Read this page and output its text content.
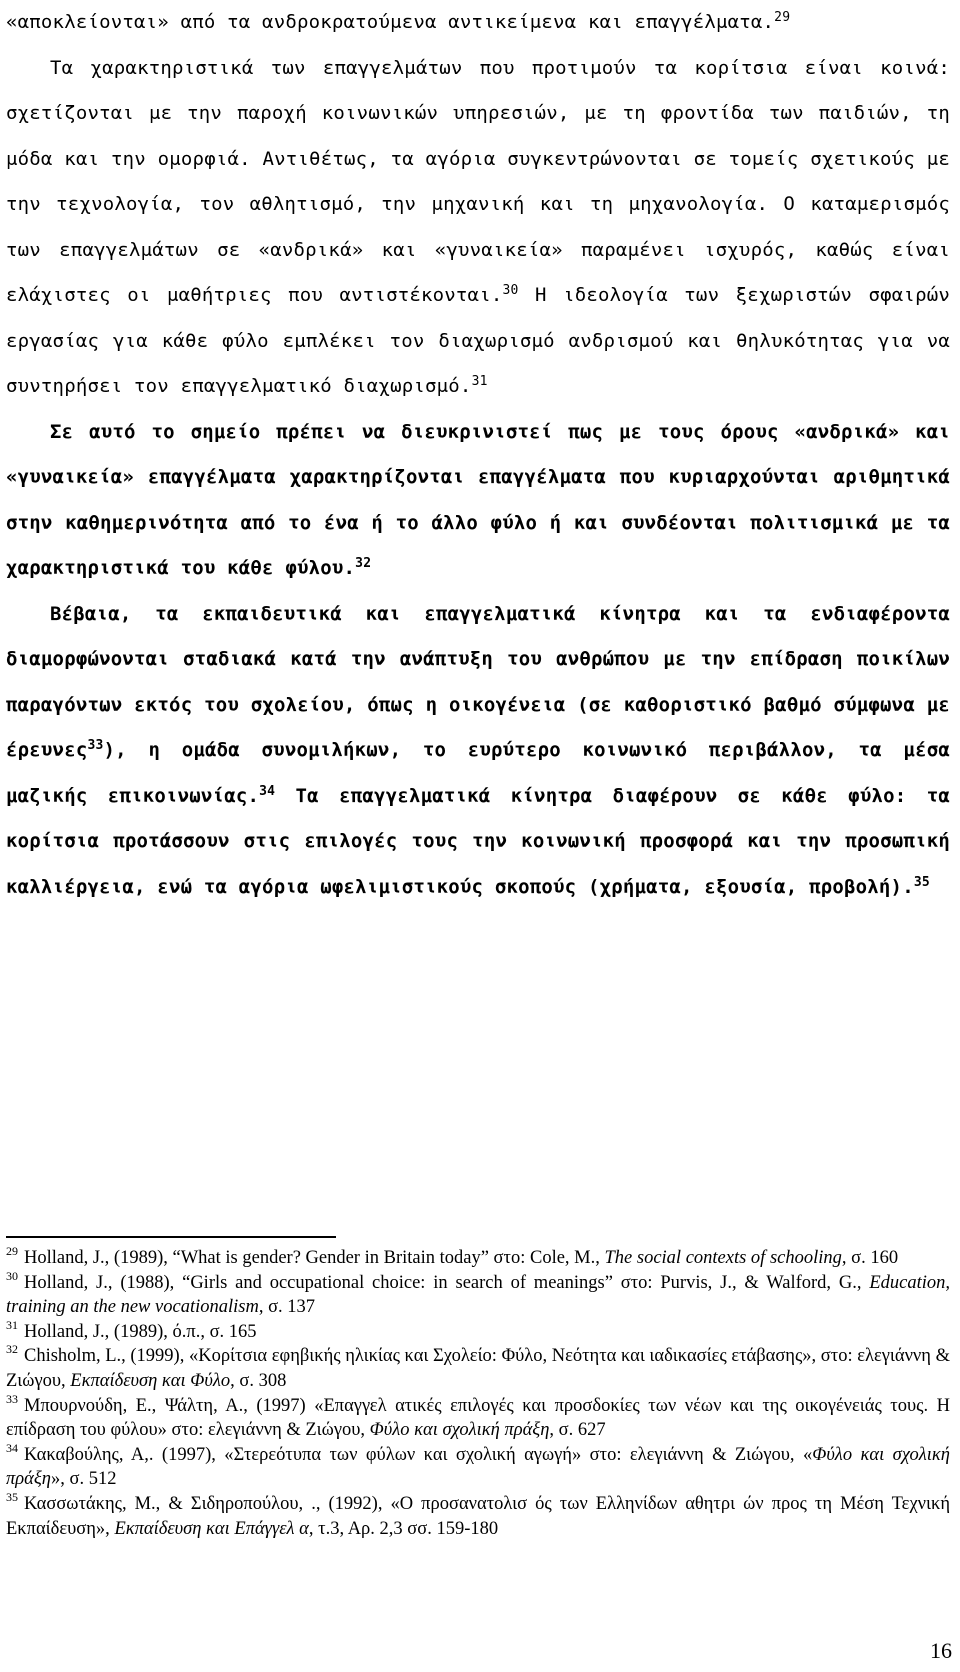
«αποκλείονται» από τα ανδροκρατούμενα αντικείμενα και επαγγέλματα.$^{29}$

Τα χαρακτηριστικά των επαγγελμάτων που προτιμούν τα κορίτσια είναι κοινά: σχετίζονται με την παροχή κοινωνικών υπηρεσιών, με τη φροντίδα των παιδιών, τη μόδα και την ομορφιά. Αντιθέτως, τα αγόρια συγκεντρώνονται σε τομείς σχετικούς με την τεχνολογία, τον αθλητισμό, την μηχανική και τη μηχανολογία. Ο καταμερισμός των επαγγελμάτων σε «ανδρικά» και «γυναικεία» παραμένει ισχυρός, καθώς είναι ελάχιστες οι μαθήτριες που αντιστέκονται.$^{30}$ Η ιδεολογία των ξεχωριστών σφαιρών εργασίας για κάθε φύλο εμπλέκει τον διαχωρισμό ανδρισμού και θηλυκότητας για να συντηρήσει τον επαγγελματικό διαχωρισμό.$^{31}$

Σε αυτό το σημείο πρέπει να διευκρινιστεί πως με τους όρους «ανδρικά» και «γυναικεία» επαγγέλματα χαρακτηρίζονται επαγγέλματα που κυριαρχούνται αριθμητικά στην καθημερινότητα από το ένα ή το άλλο φύλο ή και συνδέονται πολιτισμικά με τα χαρακτηριστικά του κάθε φύλου.$^{32}$

Βέβαια, τα εκπαιδευτικά και επαγγελματικά κίνητρα και τα ενδιαφέροντα διαμορφώνονται σταδιακά κατά την ανάπτυξη του ανθρώπου με την επίδραση ποικίλων παραγόντων εκτός του σχολείου, όπως η οικογένεια (σε καθοριστικό βαθμό σύμφωνα με έρευνες$^{33}$), η ομάδα συνομιλήκων, το ευρύτερο κοινωνικό περιβάλλον, τα μέσα μαζικής επικοινωνίας.$^{34}$ Τα επαγγελματικά κίνητρα διαφέρουν σε κάθε φύλο: τα κορίτσια προτάσσουν στις επιλογές τους την κοινωνική προσφορά και την προσωπική καλλιέργεια, ενώ τα αγόρια ωφελιμιστικούς σκοπούς (χρήματα, εξουσία, προβολή).$^{35}$

$^{29}$ Holland, J., (1989), “What is gender? Gender in Britain today” στο: Cole, M., The social contexts of schooling, σ. 160

$^{30}$ Holland, J., (1988), “Girls and occupational choice: in search of meanings” στο: Purvis, J., & Walford, G., Education, training an the new vocationalism, σ. 137

$^{31}$ Holland, J., (1989), ό.π., σ. 165

$^{32}$ Chisholm, L., (1999), «Κορίτσια εφηβικής ηλικίας και Σχολείο: Φύλο, Νεότητα και ιαδικασίες ετάβασης», στο: ελεγιάννη & Ζιώγου, Εκπαίδευση και Φύλο, σ. 308

$^{33}$ Μπουρνούδη, Ε., Ψάλτη, Α., (1997) «Επαγγελ ατικές επιλογές και προσδοκίες των νέων και της οικογένειάς τους. Η επίδραση του φύλου» στο: ελεγιάννη & Ζιώγου, Φύλο και σχολική πράξη, σ. 627

$^{34}$ Κακαβούλης, Α,. (1997), «Στερεότυπα των φύλων και σχολική αγωγή» στο: ελεγιάννη & Ζιώγου, «Φύλο και σχολική πράξη», σ. 512

$^{35}$ Κασσωτάκης, Μ., & Σιδηροπούλου, ., (1992), «Ο προσανατολισ ός των Ελληνίδων αθητρι ών προς τη Μέση Τεχνική Εκπαίδευση», Εκπαίδευση και Επάγγελ α, τ.3, Αρ. 2,3 σσ. 159-180

16
